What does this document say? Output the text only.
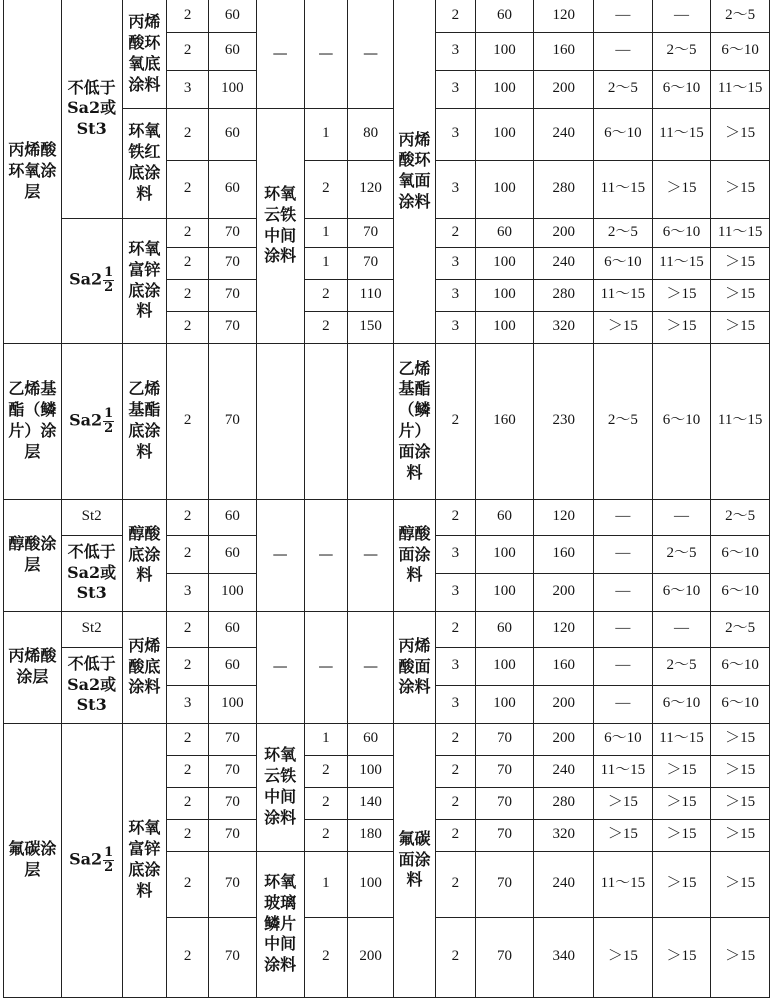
丙烯酸环氧涂层	不低于Sa2或St3	丙烯酸环氧底涂料	2	60	—	—	—	丙烯酸环氧面涂料	2	60	120	—	—	2～5
			2	60					3	100	160	—	2～5	6～10
			3	100					3	100	200	2～5	6～10	11～15
		环氧铁红底涂料	2	60	环氧云铁中间涂料	1	80		3	100	240	6～10	11～15	＞15
			2	60		2	120		3	100	280	11～15	＞15	＞15
	$Sa2 \frac{1}{2}$	环氧富锌底涂料	2	70		1	70		2	60	200	2～5	6～10	11～15
			2	70		1	70		3	100	240	6～10	11～15	＞15
			2	70		2	110		3	100	280	11～15	＞15	＞15
			2	70		2	150		3	100	320	＞15	＞15	＞15
乙烯基酯（鳞片）涂层	$Sa2 \frac{1}{2}$	乙烯基酯底涂料	2	70				乙烯基酯（鳞片）面涂料	2	160	230	2～5	6～10	11～15
醇酸涂层	St2	醇酸底涂料	2	60	—	—	—	醇酸面涂料	2	60	120	—	—	2～5
	不低于Sa2或St3		2	60					3	100	160	—	2～5	6～10
			3	100					3	100	200	—	6～10	6～10
丙烯酸涂层	St2	丙烯酸底涂料	2	60	—	—	—	丙烯酸面涂料	2	60	120	—	—	2～5
	不低于Sa2或St3		2	60					3	100	160	—	2～5	6～10
			3	100					3	100	200	—	6～10	6～10
氟碳涂层	$Sa2 \frac{1}{2}$	环氧富锌底涂料	2	70	环氧云铁中间涂料	1	60	氟碳面涂料	2	70	200	6～10	11～15	＞15
			2	70		2	100		2	70	240	11～15	＞15	＞15
			2	70		2	140		2	70	280	＞15	＞15	＞15
			2	70		2	180		2	70	320	＞15	＞15	＞15
			2	70	环氧玻璃鳞片中间涂料	1	100		2	70	240	11～15	＞15	＞15
			2	70		2	200		2	70	340	＞15	＞15	＞15
